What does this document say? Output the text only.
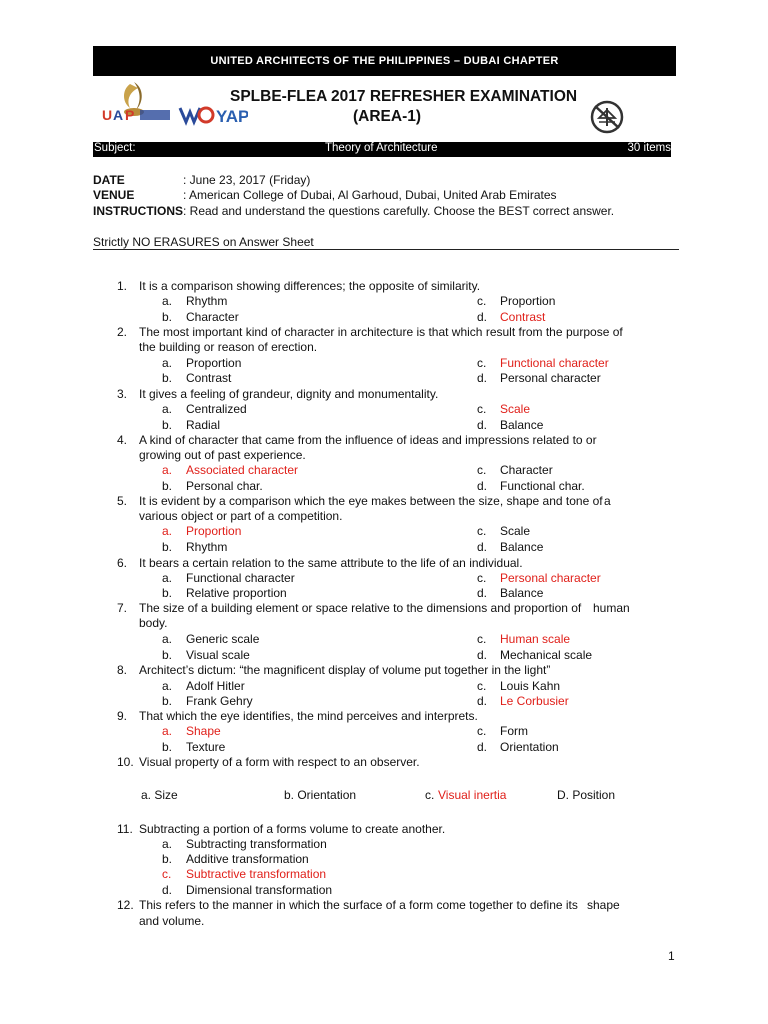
UNITED ARCHITECTS OF THE PHILIPPINES – DUBAI CHAPTER
U A P	YAP
SPLBE-FLEA 2017 REFRESHER EXAMINATION
(AREA-1)
Subject:	Theory of Architecture	30 items
DATE	: June 23, 2017 (Friday)
VENUE	: American College of Dubai, Al Garhoud, Dubai, United Arab Emirates
INSTRUCTIONS : Read and understand the questions carefully. Choose the BEST correct answer.
Strictly NO ERASURES on Answer Sheet
1. It is a comparison showing differences; the opposite of similarity.
a. Rhythm	c. Proportion
b. Character	d. Contrast
2. The most important kind of character in architecture is that which result from the purpose of
the building or reason of erection.
a. Proportion	c. Functional character
b. Contrast	d. Personal character
3. It gives a feeling of grandeur, dignity and monumentality.
a. Centralized	c. Scale
b. Radial	d. Balance
4. A kind of character that came from the influence of ideas and impressions related to or
growing out of past experience.
a. Associated character	c. Character
b. Personal char.	d. Functional char.
5. It is evident by a comparison which the eye makes between the size, shape and tone of a
various object or part of a competition.
a. Proportion	c. Scale
b. Rhythm	d. Balance
6. It bears a certain relation to the same attribute to the life of an individual.
a. Functional character	c. Personal character
b. Relative proportion	d. Balance
7. The size of a building element or space relative to the dimensions and proportion of human
body.
a. Generic scale	c. Human scale
b. Visual scale	d. Mechanical scale
8. Architect’s dictum: “the magnificent display of volume put together in the light”
a. Adolf Hitler	c. Louis Kahn
b. Frank Gehry	d. Le Corbusier
9. That which the eye identifies, the mind perceives and interprets.
a. Shape	c. Form
b. Texture	d. Orientation
10. Visual property of a form with respect to an observer.
a. Size	b. Orientation	c. Visual inertia	D. Position
11. Subtracting a portion of a forms volume to create another.
a. Subtracting transformation
b. Additive transformation
c. Subtractive transformation
d. Dimensional transformation
12. This refers to the manner in which the surface of a form come together to define its shape
and volume.
1
